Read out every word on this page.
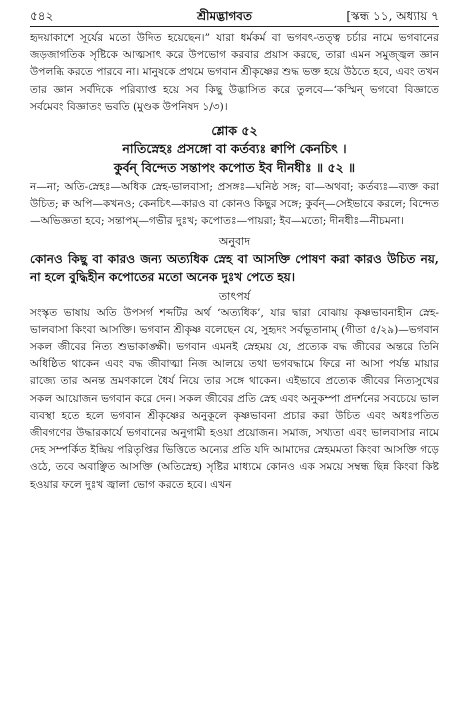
৫৪২	শ্রীমদ্ভাগবত	[স্কন্ধ ১১, অধ্যায় ৭

হৃদয়াকাশে সূর্যের মতো উদিত হয়েছেন।” যারা ধর্মকর্ম বা ভগবৎ-তত্ত্ব চর্চার নামে ভগবানের জড়জাগতিক সৃষ্টিকে আত্মসাৎ করে উপভোগ করবার প্রয়াস করছে, তারা এমন সমুজ্জ্বল জ্ঞান উপলব্ধি করতে পারবে না। মানুষকে প্রথমে ভগবান শ্রীকৃষ্ণের শুদ্ধ ভক্ত হয়ে উঠতে হবে, এবং তখন তার জ্ঞান সর্বদিকে পরিব্যাপ্ত হয়ে সব কিছু উদ্ভাসিত করে তুলবে—‘কস্মিন্‌ ভগবো বিজ্ঞাতে সর্বমেবং বিজ্ঞাতং ভবতি (মুণ্ডক উপনিষদ ১/৩)।

শ্লোক ৫২
নাতিস্নেহঃ প্রসঙ্গো বা কর্তব্যঃ ক্বাপি কেনচিৎ ।
কুর্বন্ বিন্দেত সন্তাপং কপোত ইব দীনধীঃ ॥ ৫২ ॥

ন—না; অতি-স্নেহঃ—অধিক স্নেহ-ভালবাসা; প্রসঙ্গঃ—ঘনিষ্ঠ সঙ্গ; বা—অথবা; কর্তব্যঃ—ব্যক্ত করা উচিত; ক্ব অপি—কখনও; কেনচিৎ—কারও বা কোনও কিছুর সঙ্গে; কুর্বন্—সেইভাবে করলে; বিন্দেত—অভিজ্ঞতা হবে; সন্তাপম্—গভীর দুঃখ; কপোতঃ—পায়রা; ইব—মতো; দীনধীঃ—নীচমনা।

অনুবাদ

কোনও কিছু বা কারও জন্য অত্যধিক স্নেহ বা আসক্তি পোষণ করা কারও উচিত নয়, না হলে বুদ্ধিহীন কপোতের মতো অনেক দুঃখ পেতে হয়।

তাৎপর্য

সংস্কৃত ভাষায় অতি উপসর্গ শব্দটির অর্থ ‘অত্যধিক’, যার দ্বারা বোঝায় কৃষ্ণভাবনাহীন স্নেহ-ভালবাসা কিংবা আসক্তি। ভগবান শ্রীকৃষ্ণ বলেছেন যে, সুহৃদং সর্বভূতানাম্ (গীতা ৫/২৯)—ভগবান সকল জীবের নিত্য শুভাকাঙ্ক্ষী। ভগবান এমনই স্নেহময় যে, প্রত্যেক বদ্ধ জীবের অন্তরে তিনি অধিষ্ঠিত থাকেন এবং বদ্ধ জীবাত্মা নিজ আলয়ে তথা ভগবদ্ধামে ফিরে না আসা পর্যন্ত মায়ার রাজ্যে তার অনন্ত ভ্রমণকালে ধৈর্য নিয়ে তার সঙ্গে থাকেন। এইভাবে প্রত্যেক জীবের নিত্যসুখের সকল আয়োজন ভগবান করে দেন। সকল জীবের প্রতি স্নেহ এবং অনুকম্পা প্রদর্শনের সবচেয়ে ভাল ব্যবস্থা হতে হলে ভগবান শ্রীকৃষ্ণের অনুকূলে কৃষ্ণভাবনা প্রচার করা উচিত এবং অধঃপতিত জীবগণের উদ্ধারকার্যে ভগবানের অনুগামী হওয়া প্রয়োজন। সমাজ, সখ্যতা এবং ভালবাসার নামে দেহ সম্পর্কিত ইন্দ্রিয় পরিতৃপ্তির ভিত্তিতে অন্যের প্রতি যদি আমাদের স্নেহমমতা কিংবা আসক্তি গড়ে ওঠে, তবে অবাঞ্ছিত আসক্তি (অতিস্নেহ) সৃষ্টির মাধ্যমে কোনও এক সময়ে সম্বন্ধ ছিন্ন কিংবা কিষ্ট হওয়ার ফলে দুঃখ জ্বালা ভোগ করতে হবে। এখন
